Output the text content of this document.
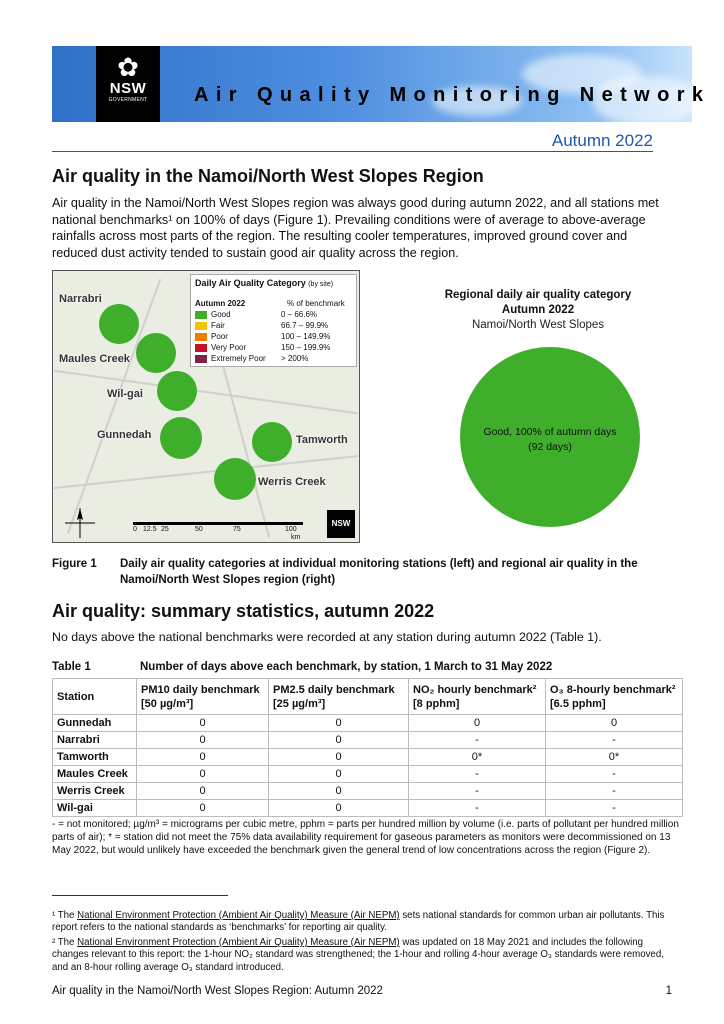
✿
NSW
GOVERNMENT	Air Quality Monitoring Network
Autumn 2022
Air quality in the Namoi/North West Slopes Region

Air quality in the Namoi/North West Slopes region was always good during autumn 2022, and all stations met national benchmarks¹ on 100% of days (Figure 1). Prevailing conditions were of average to above-average rainfalls across most parts of the region. The resulting cooler temperatures, improved ground cover and reduced dust activity tended to sustain good air quality across the region.

Narrabri
Maules Creek
Wil-gai
Gunnedah	Tamworth
Werris Creek
Daily Air Quality Category (by site)
Autumn 2022	% of benchmark
Good	0 – 66.6%
Fair	66.7 – 99.9%
Poor	100 – 149.9%
Very Poor	150 – 199.9%
Extremely Poor > 200%
0 12.5 25	50	75	100
km
NSW
Regional daily air quality category
Autumn 2022
Namoi/North West Slopes
Good, 100% of autumn days
(92 days)
Figure 1 Daily air quality categories at individual monitoring stations (left) and regional air quality in the Namoi/North West Slopes region (right)
Air quality: summary statistics, autumn 2022

No days above the national benchmarks were recorded at any station during autumn 2022 (Table 1).

Table 1	Number of days above each benchmark, by station, 1 March to 31 May 2022
Station	PM10 daily benchmark [50 µg/m³]	PM2.5 daily benchmark [25 µg/m³]	NO₂ hourly benchmark² [8 pphm]	O₃ 8-hourly benchmark² [6.5 pphm]
Gunnedah	0	0	0	0
Narrabri	0	0	-	-
Tamworth	0	0	0*	0*
Maules Creek	0	0	-	-
Werris Creek	0	0	-	-
Wil-gai	0	0	-	-

- = not monitored; µg/m³ = micrograms per cubic metre, pphm = parts per hundred million by volume (i.e. parts of pollutant per hundred million parts of air); * = station did not meet the 75% data availability requirement for gaseous parameters as monitors were decommissioned on 13 May 2022, but would unlikely have exceeded the benchmark given the general trend of low concentrations across the region (Figure 2).

¹ The National Environment Protection (Ambient Air Quality) Measure (Air NEPM) sets national standards for common urban air pollutants. This report refers to the national standards as ‘benchmarks’ for reporting air quality.

² The National Environment Protection (Ambient Air Quality) Measure (Air NEPM) was updated on 18 May 2021 and includes the following changes relevant to this report: the 1-hour NO₂ standard was strengthened; the 1-hour and rolling 4-hour average O₃ standards were removed, and an 8-hour rolling average O₃ standard introduced.

Air quality in the Namoi/North West Slopes Region: Autumn 2022	1
